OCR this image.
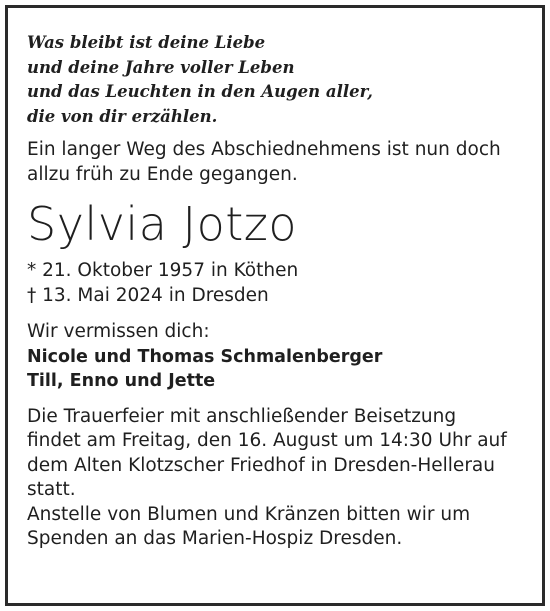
Was bleibt ist deine Liebe
und deine Jahre voller Leben
und das Leuchten in den Augen aller,
die von dir erzählen.
Ein langer Weg des Abschiednehmens ist nun doch
allzu früh zu Ende gegangen.
Sylvia Jotzo
* 21. Oktober 1957 in Köthen
† 13. Mai 2024 in Dresden
Wir vermissen dich:
Nicole und Thomas Schmalenberger
Till, Enno und Jette
Die Trauerfeier mit anschließender Beisetzung
findet am Freitag, den 16. August um 14:30 Uhr auf
dem Alten Klotzscher Friedhof in Dresden-Hellerau
statt.
Anstelle von Blumen und Kränzen bitten wir um
Spenden an das Marien-Hospiz Dresden.
